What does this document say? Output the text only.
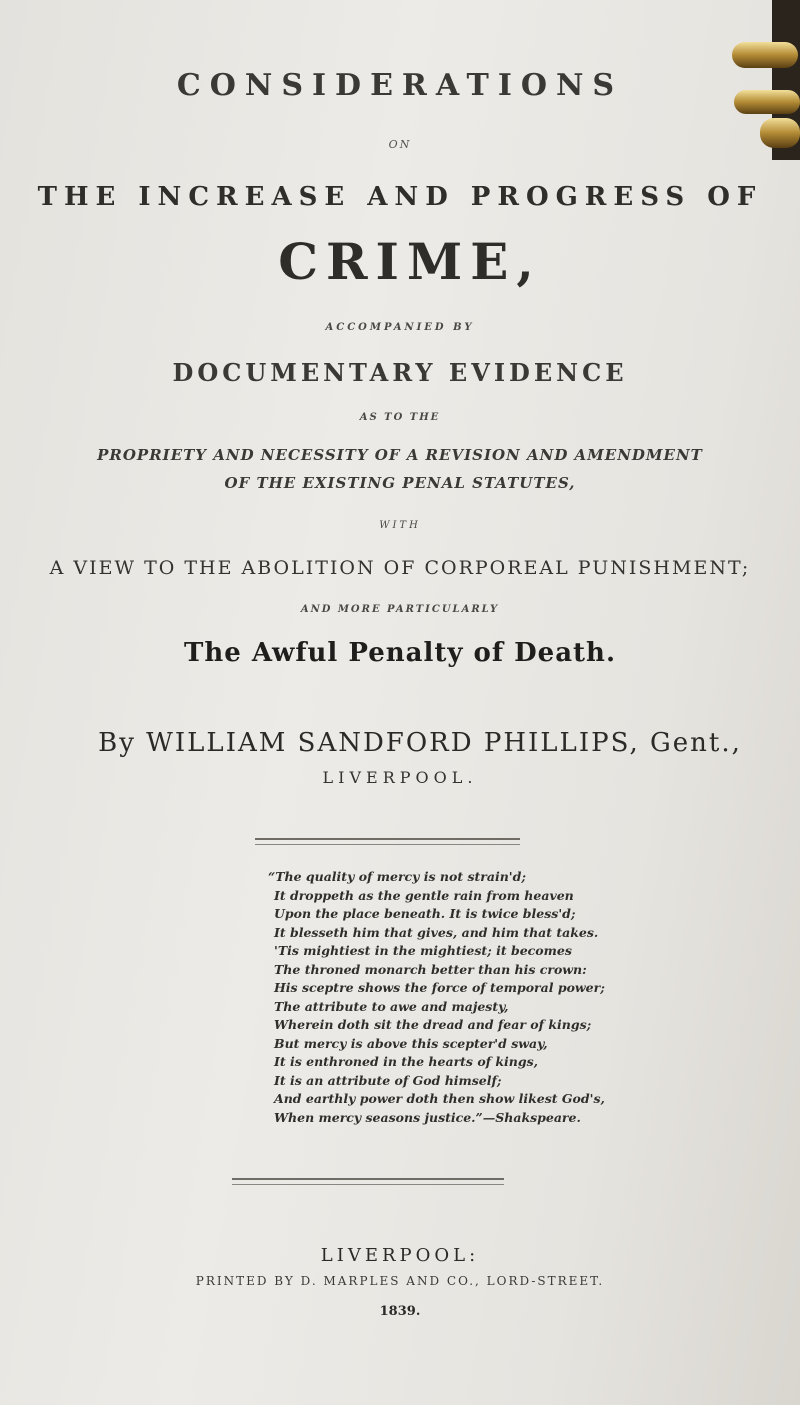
CONSIDERATIONS
ON
THE INCREASE AND PROGRESS OF
CRIME,
ACCOMPANIED BY
DOCUMENTARY EVIDENCE
AS TO THE
PROPRIETY AND NECESSITY OF A REVISION AND AMENDMENT
OF THE EXISTING PENAL STATUTES,
WITH
A VIEW TO THE ABOLITION OF CORPOREAL PUNISHMENT;
AND MORE PARTICULARLY
The Awful Penalty of Death.
By WILLIAM SANDFORD PHILLIPS, Gent.,
LIVERPOOL.
“The quality of mercy is not strain'd;
It droppeth as the gentle rain from heaven
Upon the place beneath. It is twice bless'd;
It blesseth him that gives, and him that takes.
'Tis mightiest in the mightiest; it becomes
The throned monarch better than his crown:
His sceptre shows the force of temporal power;
The attribute to awe and majesty,
Wherein doth sit the dread and fear of kings;
But mercy is above this scepter'd sway,
It is enthroned in the hearts of kings,
It is an attribute of God himself;
And earthly power doth then show likest God's,
When mercy seasons justice.”—Shakspeare.
LIVERPOOL:
PRINTED BY D. MARPLES AND CO., LORD-STREET.
1839.
